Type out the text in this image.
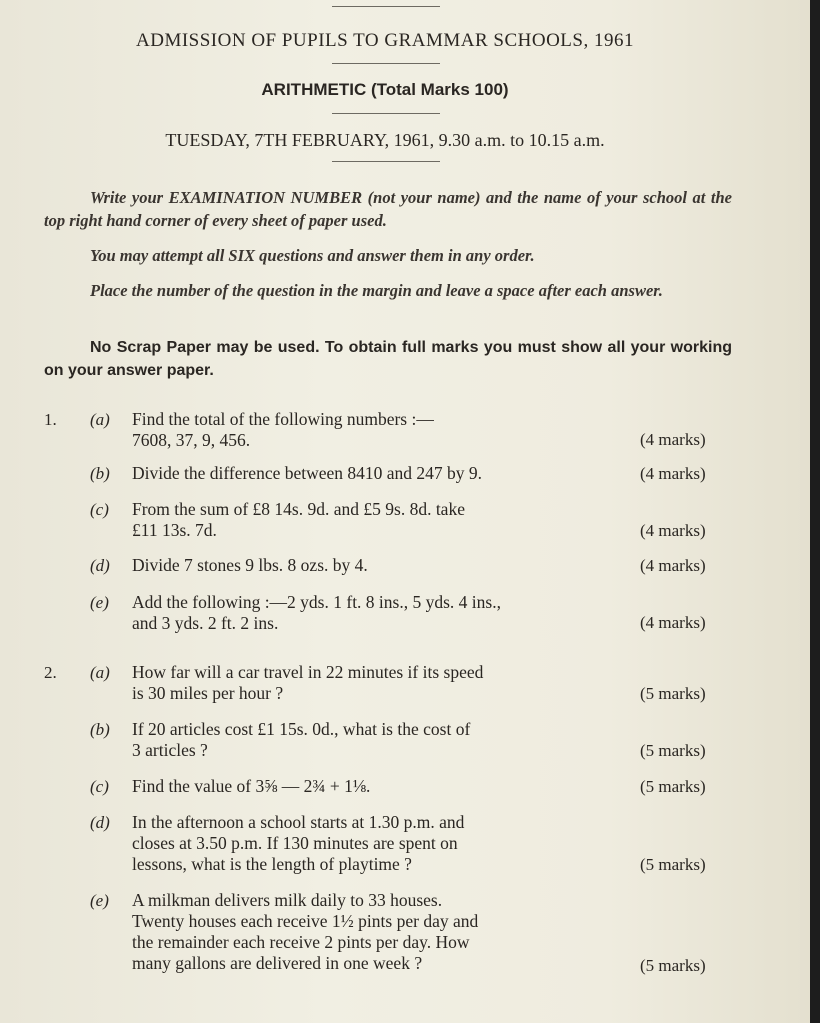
ADMISSION OF PUPILS TO GRAMMAR SCHOOLS, 1961
ARITHMETIC (Total Marks 100)
TUESDAY, 7TH FEBRUARY, 1961, 9.30 a.m. to 10.15 a.m.
Write your EXAMINATION NUMBER (not your name) and the name of your school at the top right hand corner of every sheet of paper used.
You may attempt all SIX questions and answer them in any order.
Place the number of the question in the margin and leave a space after each answer.
No Scrap Paper may be used. To obtain full marks you must show all your working on your answer paper.
1. (a) Find the total of the following numbers :—
7608, 37, 9, 456.	(4 marks)
(b) Divide the difference between 8410 and 247 by 9.	(4 marks)
(c) From the sum of £8 14s. 9d. and £5 9s. 8d. take
£11 13s. 7d.	(4 marks)
(d) Divide 7 stones 9 lbs. 8 ozs. by 4.	(4 marks)
(e) Add the following :—2 yds. 1 ft. 8 ins., 5 yds. 4 ins.,
and 3 yds. 2 ft. 2 ins.	(4 marks)
2. (a) How far will a car travel in 22 minutes if its speed
is 30 miles per hour ?	(5 marks)
(b) If 20 articles cost £1 15s. 0d., what is the cost of
3 articles ?	(5 marks)
(c) Find the value of 3⅝ — 2¾ + 1⅛.	(5 marks)
(d) In the afternoon a school starts at 1.30 p.m. and
closes at 3.50 p.m. If 130 minutes are spent on
lessons, what is the length of playtime ?	(5 marks)
(e) A milkman delivers milk daily to 33 houses.
Twenty houses each receive 1½ pints per day and
the remainder each receive 2 pints per day. How
many gallons are delivered in one week ?	(5 marks)
